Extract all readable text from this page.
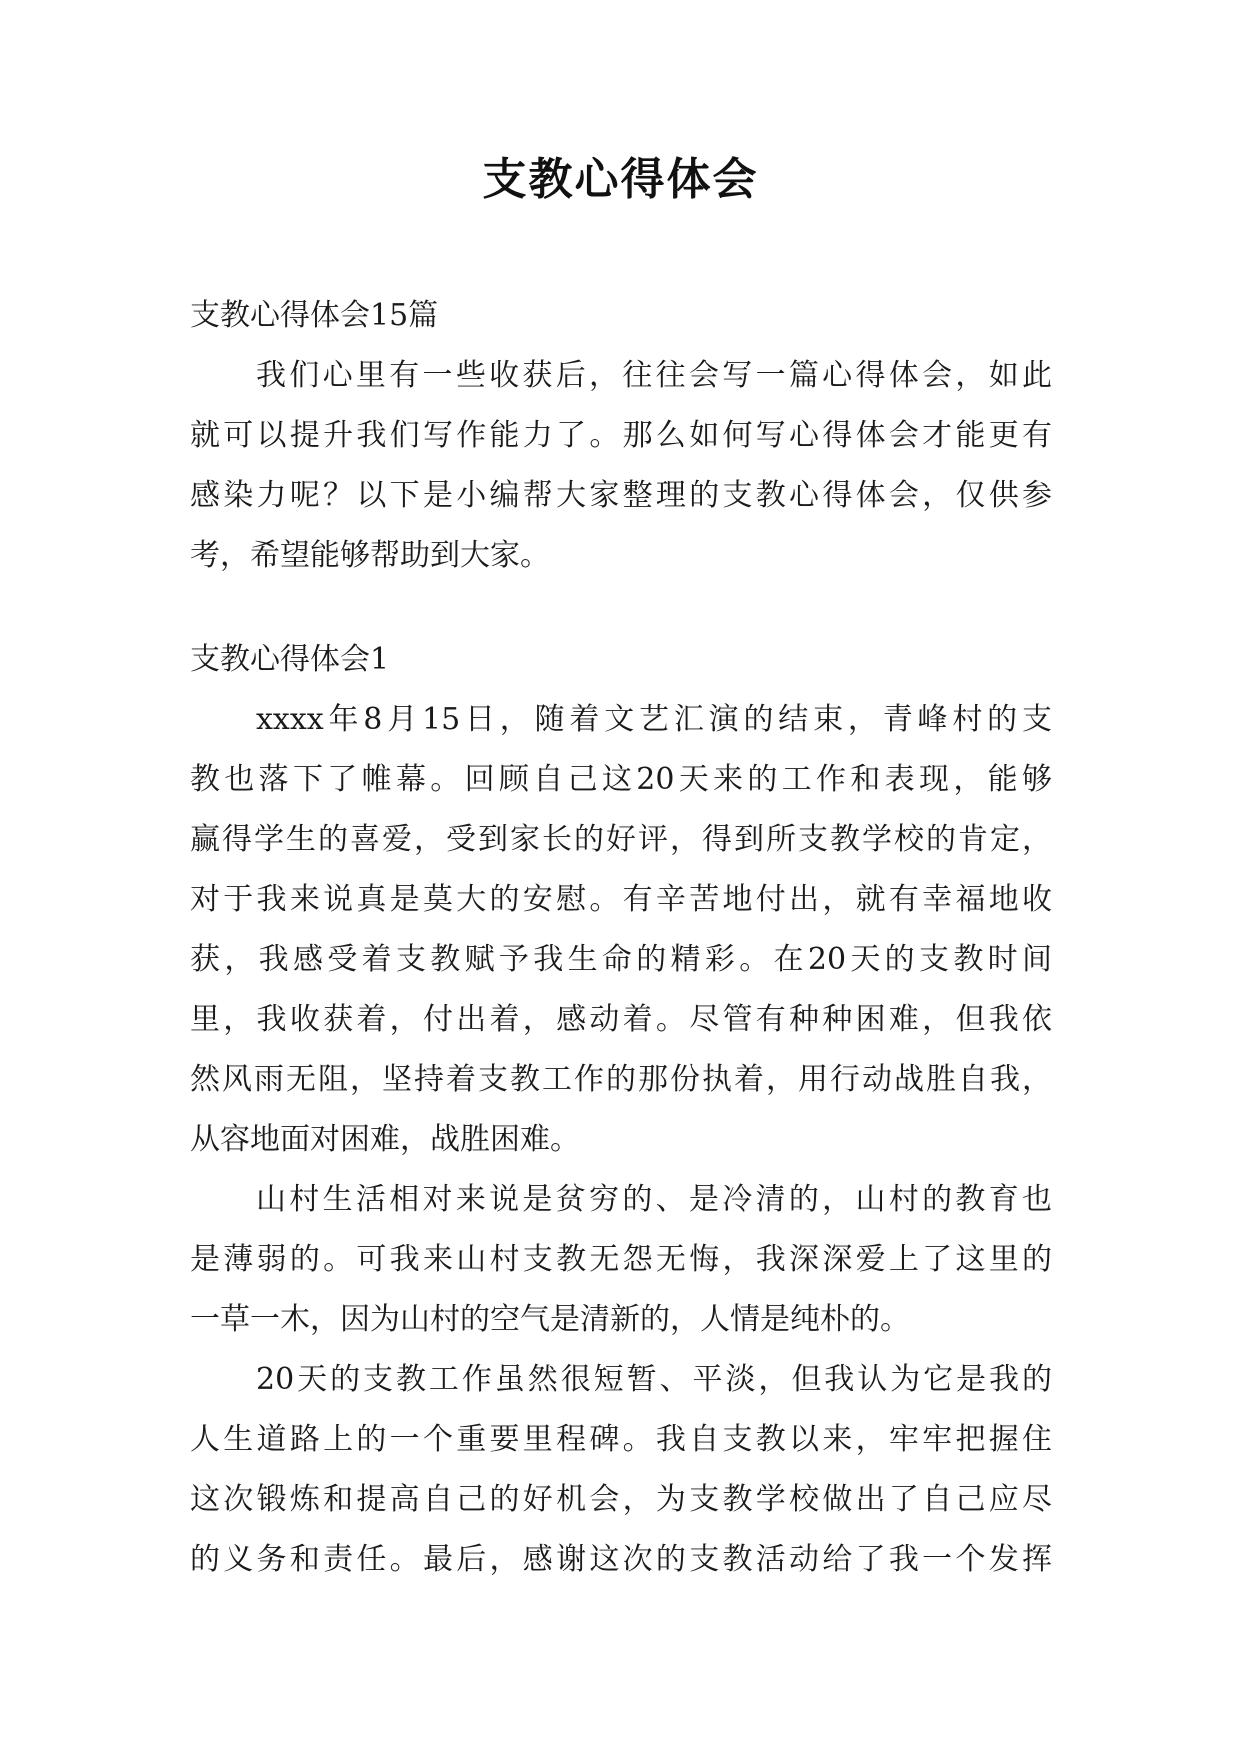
支教心得体会
支教心得体会15篇
我们心里有一些收获后，往往会写一篇心得体会，如此
就可以提升我们写作能力了。那么如何写心得体会才能更有
感染力呢？以下是小编帮大家整理的支教心得体会，仅供参
考，希望能够帮助到大家。
支教心得体会1
xxxx年8月15日，随着文艺汇演的结束，青峰村的支
教也落下了帷幕。回顾自己这20天来的工作和表现，能够
赢得学生的喜爱，受到家长的好评，得到所支教学校的肯定，
对于我来说真是莫大的安慰。有辛苦地付出，就有幸福地收
获，我感受着支教赋予我生命的精彩。在20天的支教时间
里，我收获着，付出着，感动着。尽管有种种困难，但我依
然风雨无阻，坚持着支教工作的那份执着，用行动战胜自我，
从容地面对困难，战胜困难。
山村生活相对来说是贫穷的、是冷清的，山村的教育也
是薄弱的。可我来山村支教无怨无悔，我深深爱上了这里的
一草一木，因为山村的空气是清新的，人情是纯朴的。
20天的支教工作虽然很短暂、平淡，但我认为它是我的
人生道路上的一个重要里程碑。我自支教以来，牢牢把握住
这次锻炼和提高自己的好机会，为支教学校做出了自己应尽
的义务和责任。最后，感谢这次的支教活动给了我一个发挥
